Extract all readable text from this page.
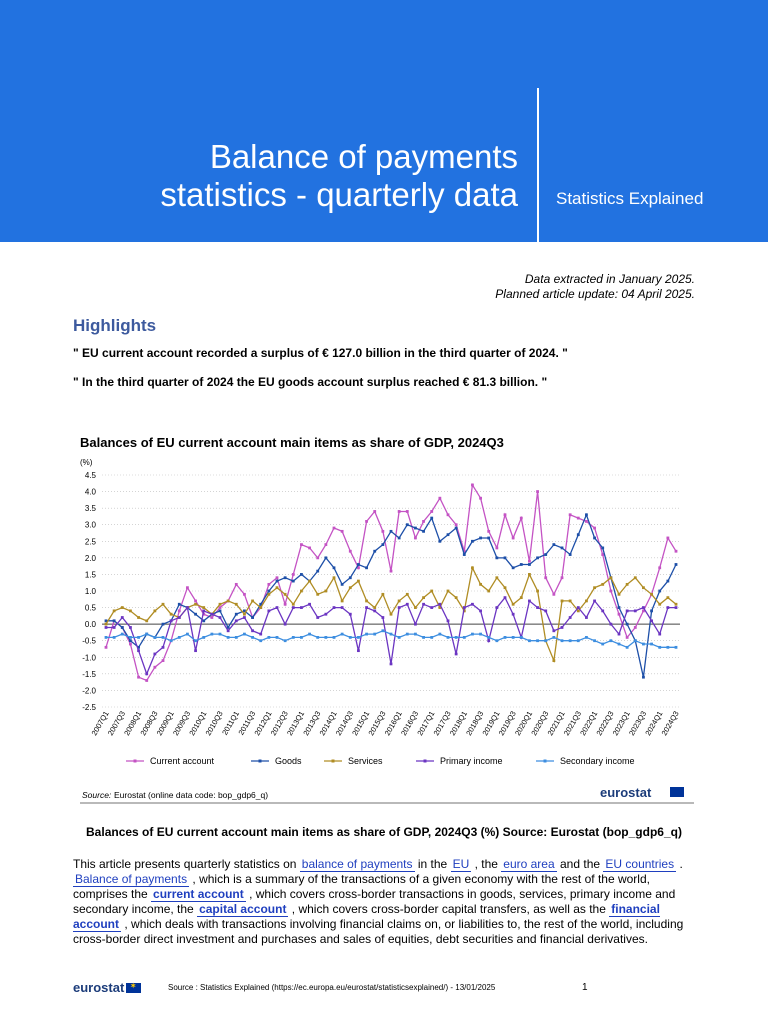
Balance of payments
statistics - quarterly data Statistics Explained
Data extracted in January 2025.
Planned article update: 04 April 2025.
Highlights
" EU current account recorded a surplus of € 127.0 billion in the third quarter of 2024. "
" In the third quarter of 2024 the EU goods account surplus reached € 81.3 billion. "
Balances of EU current account main items as share of GDP, 2024Q3
(%)
4.5
4.0
3.5
3.0
2.5
2.0
1.5
1.0
0.5
0.0
-0.5
-1.0
-1.5
-2.0
-2.5
2007Q1
2007Q3
2008Q1
2008Q3
2009Q1
2009Q3
2010Q1
2010Q3
2011Q1
2011Q3
2012Q1
2012Q3
2013Q1
2013Q3
2014Q1
2014Q3
2015Q1
2015Q3
2016Q1
2016Q3
2017Q1
2017Q3
2018Q1
2018Q3
2019Q1
2019Q3
2020Q1
2020Q3
2021Q1
2021Q3
2022Q1
2022Q3
2023Q1
2023Q3
2024Q1
2024Q3
Current account	Goods	Services	Primary income	Secondary income
Source: Eurostat (online data code: bop_gdp6_q)	eurostat
Balances of EU current account main items as share of GDP, 2024Q3 (%) Source: Eurostat (bop_gdp6_q)
This article presents quarterly statistics on balance of payments in the EU , the euro area and the EU countries . Balance of payments , which is a summary of the transactions of a given economy with the rest of the world, comprises the current account , which covers cross-border transactions in goods, services, primary income and secondary income, the capital account , which covers cross-border capital transfers, as well as the financial account , which deals with transactions involving financial claims on, or liabilities to, the rest of the world, including cross-border direct investment and purchases and sales of equities, debt securities and financial derivatives.
eurostat✶	Source : Statistics Explained (https://ec.europa.eu/eurostat/statisticsexplained/) - 13/01/2025	1
